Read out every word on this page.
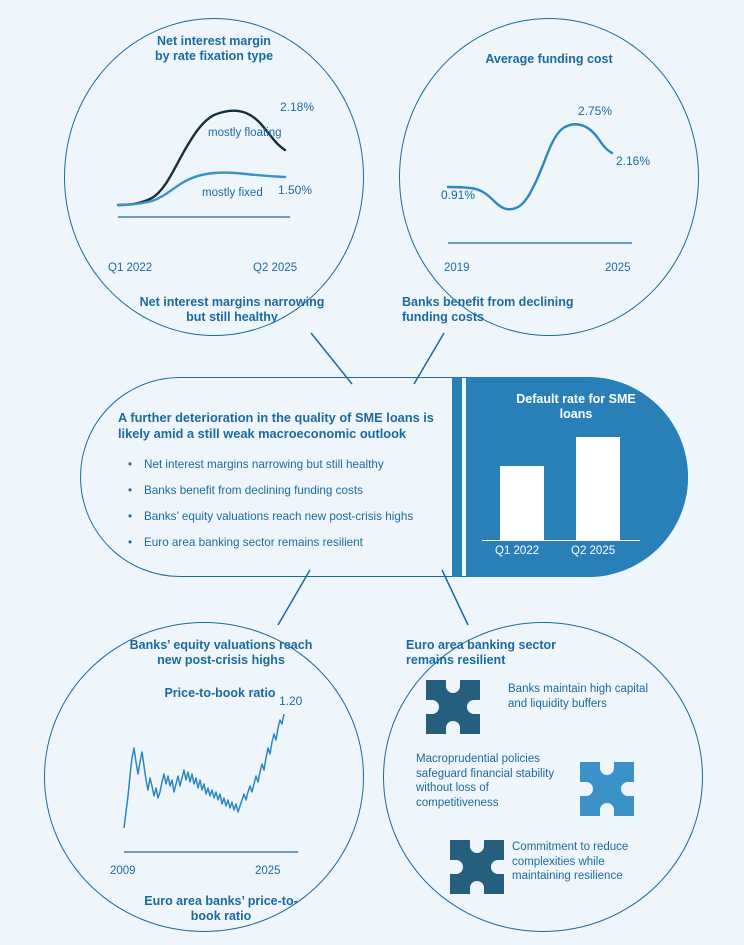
Net interest margin
by rate fixation type
2.18%
mostly floating
mostly fixed 1.50%
Q1 2022	Q2 2025
Net interest margins narrowing
but still healthy
Average funding cost
0.91%
2.75%
2.16%
2019	2025
Banks benefit from declining
funding costs
A further deterioration in the quality of SME loans is likely amid a still weak macroeconomic outlook
• Net interest margins narrowing but still healthy
• Banks benefit from declining funding costs
• Banks’ equity valuations reach new post-crisis highs
• Euro area banking sector remains resilient
Default rate for SME
loans
1.6%
2.3%
Q1 2022	Q2 2025
Banks’ equity valuations reach
new post-crisis highs
Price-to-book ratio
1.20
2009	2025
Euro area banks’ price-to-
book ratio
Euro area banking sector
remains resilient
Banks maintain high capital and liquidity buffers
Macroprudential policies safeguard financial stability without loss of competitiveness
Commitment to reduce complexities while maintaining resilience
